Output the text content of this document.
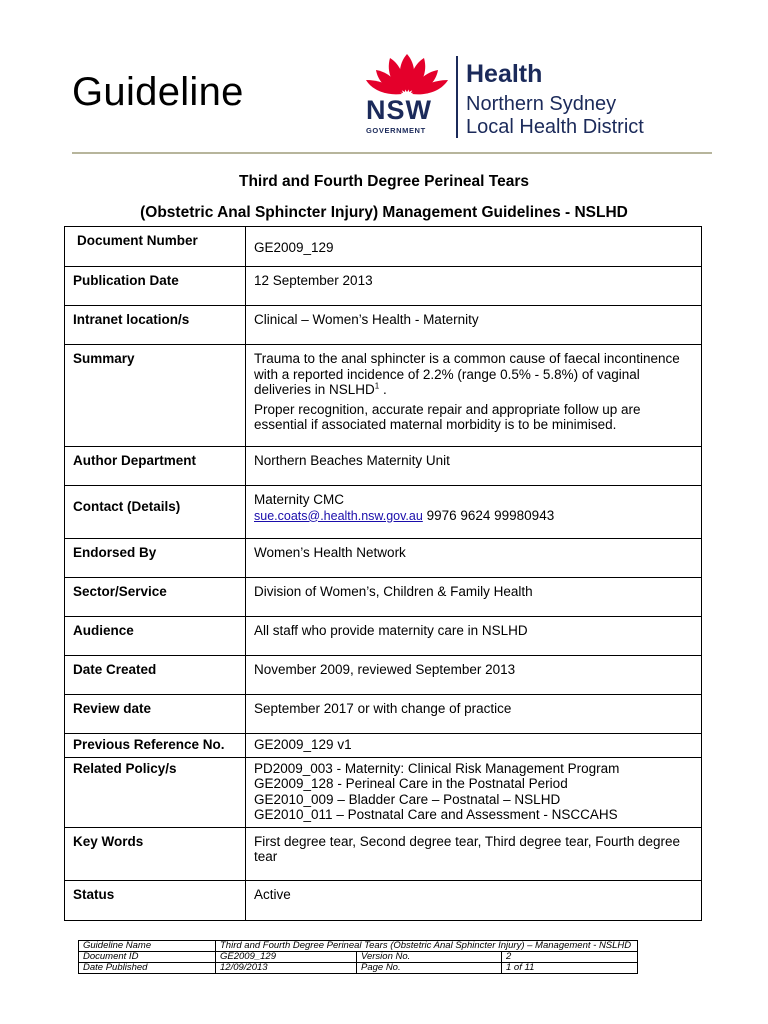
Guideline	NSW
GOVERNMENT
Health
Northern Sydney
Local Health District
Third and Fourth Degree Perineal Tears
(Obstetric Anal Sphincter Injury) Management Guidelines - NSLHD
Document Number	GE2009_129
Publication Date	12 September 2013
Intranet location/s	Clinical – Women’s Health - Maternity
Summary	Trauma to the anal sphincter is a common cause of faecal incontinence with a reported incidence of 2.2% (range 0.5% - 5.8%) of vaginal deliveries in NSLHD$^1$ .

Proper recognition, accurate repair and appropriate follow up are essential if associated maternal morbidity is to be minimised.

Author Department	Northern Beaches Maternity Unit
Contact (Details)	Maternity CMC
sue.coats@.health.nsw.gov.au 9976 9624 99980943

Endorsed By	Women’s Health Network
Sector/Service	Division of Women’s, Children & Family Health
Audience	All staff who provide maternity care in NSLHD
Date Created	November 2009, reviewed September 2013
Review date	September 2017 or with change of practice
Previous Reference No.	GE2009_129 v1
Related Policy/s	PD2009_003 - Maternity: Clinical Risk Management Program
GE2009_128 - Perineal Care in the Postnatal Period
GE2010_009 – Bladder Care – Postnatal – NSLHD
GE2010_011 – Postnatal Care and Assessment - NSCCAHS

Key Words	First degree tear, Second degree tear, Third degree tear, Fourth degree tear
Status	Active
Guideline Name	Third and Fourth Degree Perineal Tears (Obstetric Anal Sphincter Injury) – Management - NSLHD		
Document ID	GE2009_129	Version No.	2
Date Published	12/09/2013	Page No.	1 of 11
